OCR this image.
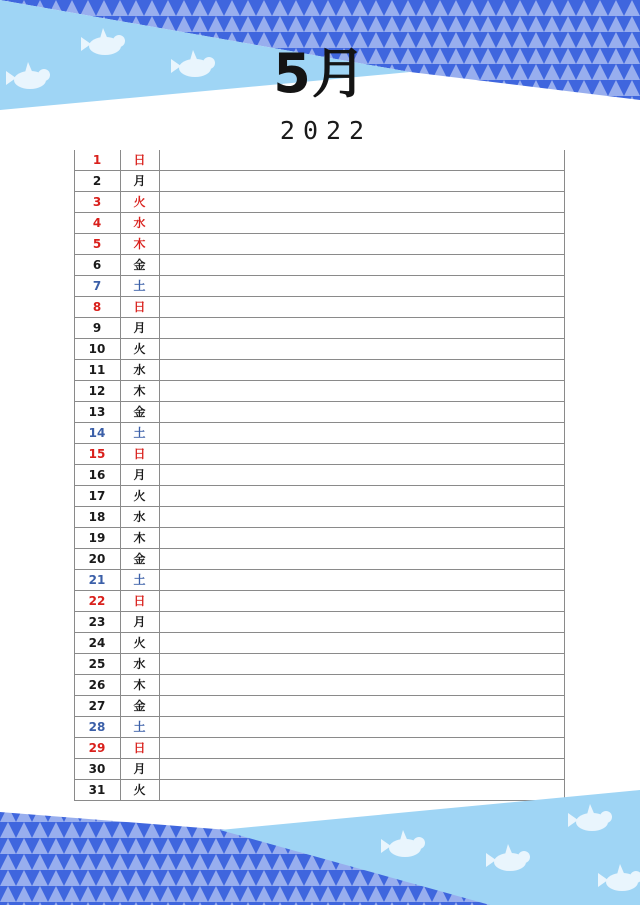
5月
2022
1	日
2	月
3	火
4	水
5	木
6	金
7	土
8	日
9	月
10	火
11	水
12	木
13	金
14	土
15	日
16	月
17	火
18	水
19	木
20	金
21	土
22	日
23	月
24	火
25	水
26	木
27	金
28	土
29	日
30	月
31	火
